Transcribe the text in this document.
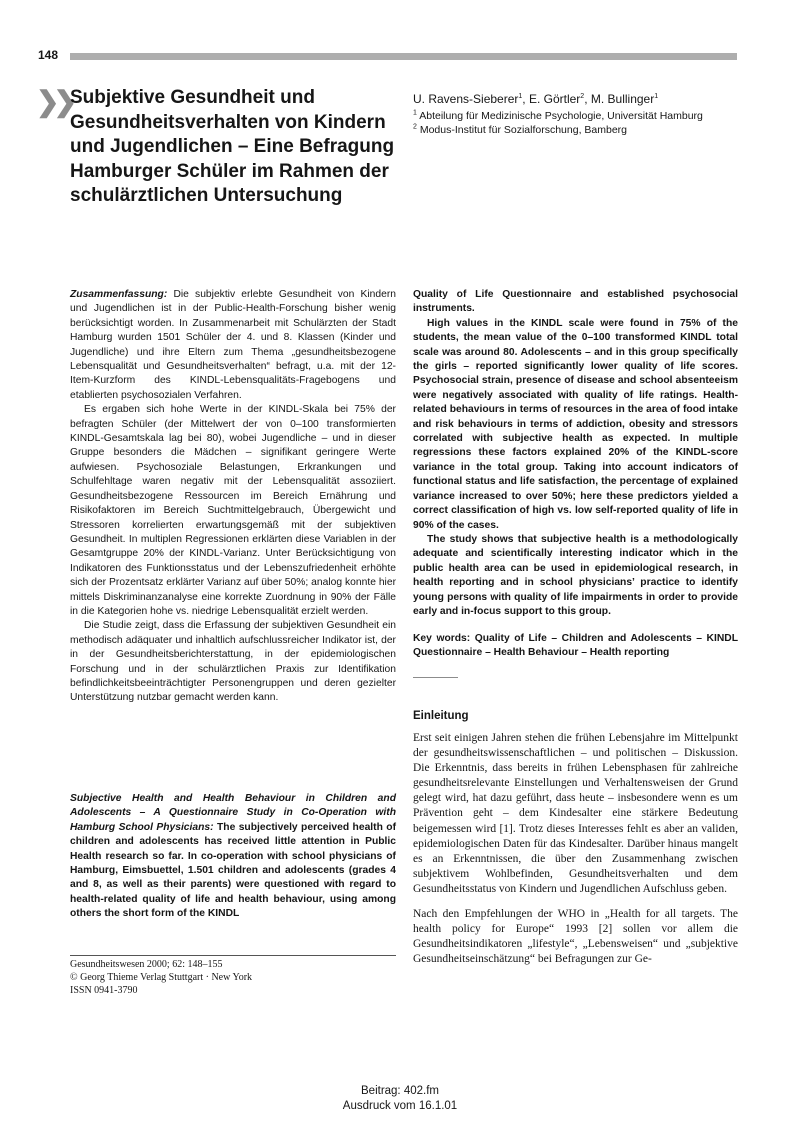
148
❯❯ Subjektive Gesundheit und Gesundheitsverhalten von Kindern und Jugendlichen – Eine Befragung Hamburger Schüler im Rahmen der schulärztlichen Untersuchung
U. Ravens-Sieberer$^1$, E. Görtler$^2$, M. Bullinger$^1$
$^1$ Abteilung für Medizinische Psychologie, Universität Hamburg
$^2$ Modus-Institut für Sozialforschung, Bamberg

Zusammenfassung: Die subjektiv erlebte Gesundheit von Kindern und Jugendlichen ist in der Public-Health-Forschung bisher wenig berücksichtigt worden. In Zusammenarbeit mit Schulärzten der Stadt Hamburg wurden 1501 Schüler der 4. und 8. Klassen (Kinder und Jugendliche) und ihre Eltern zum Thema „gesundheitsbezogene Lebensqualität und Gesundheitsverhalten“ befragt, u.a. mit der 12-Item-Kurzform des KINDL-Lebensqualitäts-Fragebogens und etablierten psychosozialen Verfahren.

Es ergaben sich hohe Werte in der KINDL-Skala bei 75% der befragten Schüler (der Mittelwert der von 0–100 transformierten KINDL-Gesamtskala lag bei 80), wobei Jugendliche – und in dieser Gruppe besonders die Mädchen – signifikant geringere Werte aufwiesen. Psychosoziale Belastungen, Erkrankungen und Schulfehltage waren negativ mit der Lebensqualität assoziiert. Gesundheitsbezogene Ressourcen im Bereich Ernährung und Risikofaktoren im Bereich Suchtmittelgebrauch, Übergewicht und Stressoren korrelierten erwartungsgemäß mit der subjektiven Gesundheit. In multiplen Regressionen erklärten diese Variablen in der Gesamtgruppe 20% der KINDL-Varianz. Unter Berücksichtigung von Indikatoren des Funktionsstatus und der Lebenszufriedenheit erhöhte sich der Prozentsatz erklärter Varianz auf über 50%; analog konnte hier mittels Diskriminanzanalyse eine korrekte Zuordnung in 90% der Fälle in die Kategorien hohe vs. niedrige Lebensqualität erzielt werden.

Die Studie zeigt, dass die Erfassung der subjektiven Gesundheit ein methodisch adäquater und inhaltlich aufschlussreicher Indikator ist, der in der Gesundheitsberichterstattung, in der epidemiologischen Forschung und in der schulärztlichen Praxis zur Identifikation befindlichkeitsbeeinträchtigter Personengruppen und deren gezielter Unterstützung nutzbar gemacht werden kann.

Subjective Health and Health Behaviour in Children and Adolescents – A Questionnaire Study in Co-Operation with Hamburg School Physicians: The subjectively perceived health of children and adolescents has received little attention in Public Health research so far. In co-operation with school physicians of Hamburg, Eimsbuettel, 1.501 children and adolescents (grades 4 and 8, as well as their parents) were questioned with regard to health-related quality of life and health behaviour, using among others the short form of the KINDL

Quality of Life Questionnaire and established psychosocial instruments.

High values in the KINDL scale were found in 75% of the students, the mean value of the 0–100 transformed KINDL total scale was around 80. Adolescents – and in this group specifically the girls – reported significantly lower quality of life scores. Psychosocial strain, presence of disease and school absenteeism were negatively associated with quality of life ratings. Health-related behaviours in terms of resources in the area of food intake and risk behaviours in terms of addiction, obesity and stressors correlated with subjective health as expected. In multiple regressions these factors explained 20% of the KINDL-score variance in the total group. Taking into account indicators of functional status and life satisfaction, the percentage of explained variance increased to over 50%; here these predictors yielded a correct classification of high vs. low self-reported quality of life in 90% of the cases.

The study shows that subjective health is a methodologically adequate and scientifically interesting indicator which in the public health area can be used in epidemiological research, in health reporting and in school physicians’ practice to identify young persons with quality of life impairments in order to provide early and in-focus support to this group.

Key words: Quality of Life – Children and Adolescents – KINDL Questionnaire – Health Behaviour – Health reporting

Einleitung

Erst seit einigen Jahren stehen die frühen Lebensjahre im Mittelpunkt der gesundheitswissenschaftlichen – und politischen – Diskussion. Die Erkenntnis, dass bereits in frühen Lebensphasen für zahlreiche gesundheitsrelevante Einstellungen und Verhaltensweisen der Grund gelegt wird, hat dazu geführt, dass heute – insbesondere wenn es um Prävention geht – dem Kindesalter eine stärkere Bedeutung beigemessen wird [1]. Trotz dieses Interesses fehlt es aber an validen, epidemiologischen Daten für das Kindesalter. Darüber hinaus mangelt es an Erkenntnissen, die über den Zusammenhang zwischen subjektivem Wohlbefinden, Gesundheitsverhalten und dem Gesundheitsstatus von Kindern und Jugendlichen Aufschluss geben.

Nach den Empfehlungen der WHO in „Health for all targets. The health policy for Europe“ 1993 [2] sollen vor allem die Gesundheitsindikatoren „lifestyle“, „Lebensweisen“ und „subjektive Gesundheitseinschätzung“ bei Befragungen zur Ge-

Gesundheitswesen 2000; 62: 148–155
© Georg Thieme Verlag Stuttgart · New York
ISSN 0941-3790
Beitrag: 402.fm
Ausdruck vom 16.1.01
